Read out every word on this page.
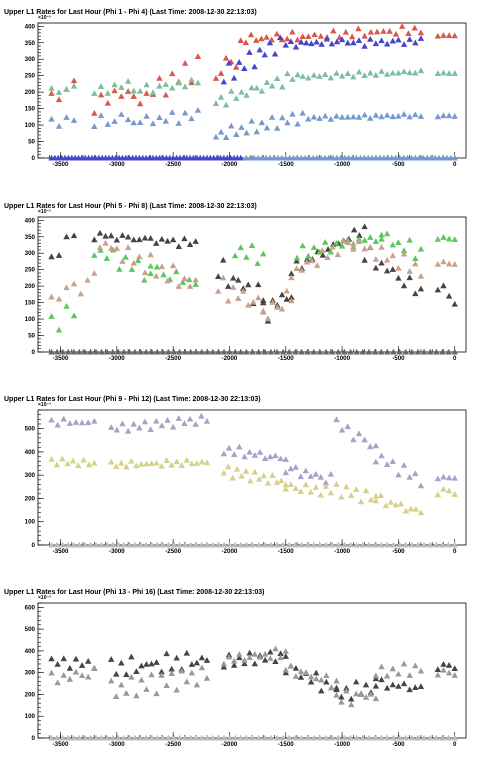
Upper L1 Rates for Last Hour (Phi 1 - Phi 4) (Last Time: 2008-12-30 22:13:03)
×10⁻³
0
50
100
150
200
250
300
350
400
-3500	-3000	-2500	-2000	-1500	-1000	-500	0
Upper L1 Rates for Last Hour (Phi 5 - Phi 8) (Last Time: 2008-12-30 22:13:03)
×10⁻³
0
50
100
150
200
250
300
350
400
-3500	-3000	-2500	-2000	-1500	-1000	-500	0
Upper L1 Rates for Last Hour (Phi 9 - Phi 12) (Last Time: 2008-12-30 22:13:03)
×10⁻³
0
100
200
300
400
500
-3500	-3000	-2500	-2000	-1500	-1000	-500	0
Upper L1 Rates for Last Hour (Phi 13 - Phi 16) (Last Time: 2008-12-30 22:13:03)
×10⁻³
0
100
200
300
400
500
600
-3500	-3000	-2500	-2000	-1500	-1000	-500	0
